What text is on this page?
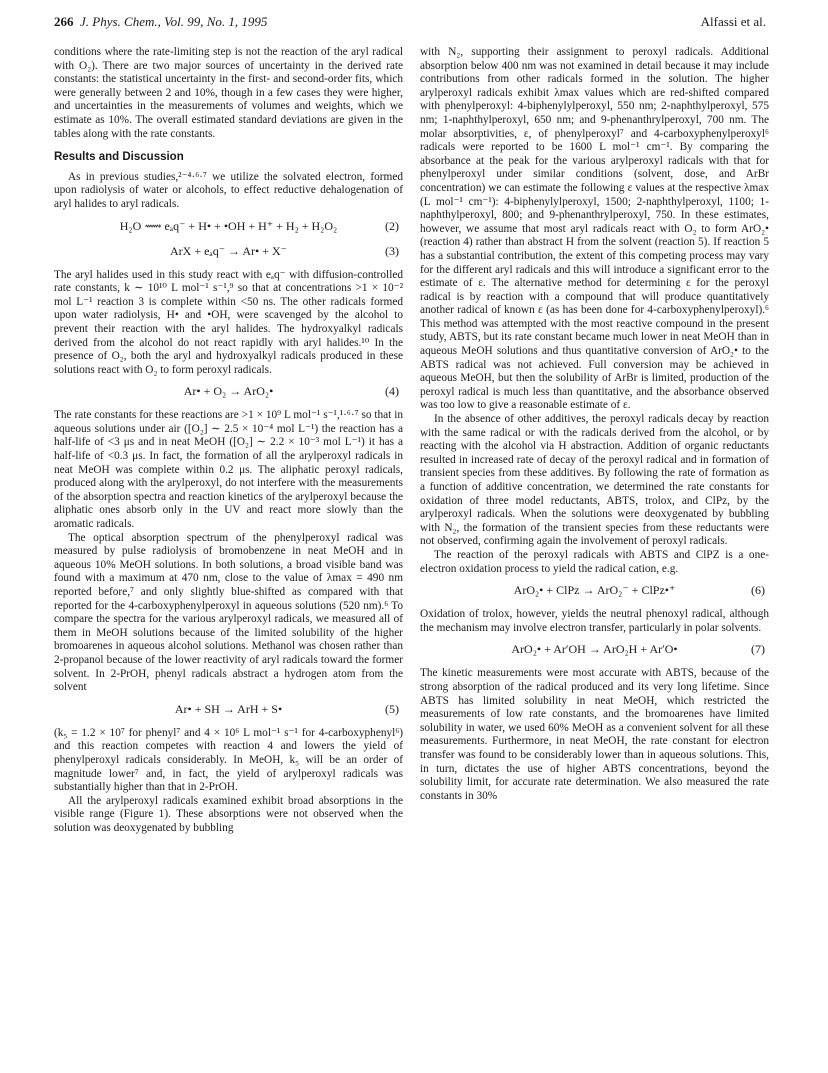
266 J. Phys. Chem., Vol. 99, No. 1, 1995	Alfassi et al.

conditions where the rate-limiting step is not the reaction of the aryl radical with O₂). There are two major sources of uncertainty in the derived rate constants: the statistical uncertainty in the first- and second-order fits, which were generally between 2 and 10%, though in a few cases they were higher, and uncertainties in the measurements of volumes and weights, which we estimate as 10%. The overall estimated standard deviations are given in the tables along with the rate constants.

Results and Discussion

As in previous studies,²⁻⁴·⁶·⁷ we utilize the solvated electron, formed upon radiolysis of water or alcohols, to effect reductive dehalogenation of aryl halides to aryl radicals.

H₂O ⟿ eₐq⁻ + H• + •OH + H⁺ + H₂ + H₂O₂	(2)
ArX + eₐq⁻ → Ar• + X⁻	(3)

The aryl halides used in this study react with eₐq⁻ with diffusion-controlled rate constants, k ∼ 10¹⁰ L mol⁻¹ s⁻¹,⁹ so that at concentrations >1 × 10⁻² mol L⁻¹ reaction 3 is complete within <50 ns. The other radicals formed upon water radiolysis, H• and •OH, were scavenged by the alcohol to prevent their reaction with the aryl halides. The hydroxyalkyl radicals derived from the alcohol do not react rapidly with aryl halides.¹⁰ In the presence of O₂, both the aryl and hydroxyalkyl radicals produced in these solutions react with O₂ to form peroxyl radicals.

Ar• + O₂ → ArO₂•	(4)

The rate constants for these reactions are >1 × 10⁹ L mol⁻¹ s⁻¹,¹·⁶·⁷ so that in aqueous solutions under air ([O₂] ∼ 2.5 × 10⁻⁴ mol L⁻¹) the reaction has a half-life of <3 μs and in neat MeOH ([O₂] ∼ 2.2 × 10⁻³ mol L⁻¹) it has a half-life of <0.3 μs. In fact, the formation of all the arylperoxyl radicals in neat MeOH was complete within 0.2 μs. The aliphatic peroxyl radicals, produced along with the arylperoxyl, do not interfere with the measurements of the absorption spectra and reaction kinetics of the arylperoxyl because the aliphatic ones absorb only in the UV and react more slowly than the aromatic radicals.

The optical absorption spectrum of the phenylperoxyl radical was measured by pulse radiolysis of bromobenzene in neat MeOH and in aqueous 10% MeOH solutions. In both solutions, a broad visible band was found with a maximum at 470 nm, close to the value of λmax = 490 nm reported before,⁷ and only slightly blue-shifted as compared with that reported for the 4-carboxyphenylperoxyl in aqueous solutions (520 nm).⁶ To compare the spectra for the various arylperoxyl radicals, we measured all of them in MeOH solutions because of the limited solubility of the higher bromoarenes in aqueous alcohol solutions. Methanol was chosen rather than 2-propanol because of the lower reactivity of aryl radicals toward the former solvent. In 2-PrOH, phenyl radicals abstract a hydrogen atom from the solvent

Ar• + SH → ArH + S•	(5)

(k₅ = 1.2 × 10⁷ for phenyl⁷ and 4 × 10⁶ L mol⁻¹ s⁻¹ for 4-carboxyphenyl⁶) and this reaction competes with reaction 4 and lowers the yield of phenylperoxyl radicals considerably. In MeOH, k₅ will be an order of magnitude lower⁷ and, in fact, the yield of arylperoxyl radicals was substantially higher than that in 2-PrOH.

All the arylperoxyl radicals examined exhibit broad absorptions in the visible range (Figure 1). These absorptions were not observed when the solution was deoxygenated by bubbling

with N₂, supporting their assignment to peroxyl radicals. Additional absorption below 400 nm was not examined in detail because it may include contributions from other radicals formed in the solution. The higher arylperoxyl radicals exhibit λmax values which are red-shifted compared with phenylperoxyl: 4-biphenylylperoxyl, 550 nm; 2-naphthylperoxyl, 575 nm; 1-naphthylperoxyl, 650 nm; and 9-phenanthrylperoxyl, 700 nm. The molar absorptivities, ε, of phenylperoxyl⁷ and 4-carboxyphenylperoxyl⁶ radicals were reported to be 1600 L mol⁻¹ cm⁻¹. By comparing the absorbance at the peak for the various arylperoxyl radicals with that for phenylperoxyl under similar conditions (solvent, dose, and ArBr concentration) we can estimate the following ε values at the respective λmax (L mol⁻¹ cm⁻¹): 4-biphenylylperoxyl, 1500; 2-naphthylperoxyl, 1100; 1-naphthylperoxyl, 800; and 9-phenanthrylperoxyl, 750. In these estimates, however, we assume that most aryl radicals react with O₂ to form ArO₂• (reaction 4) rather than abstract H from the solvent (reaction 5). If reaction 5 has a substantial contribution, the extent of this competing process may vary for the different aryl radicals and this will introduce a significant error to the estimate of ε. The alternative method for determining ε for the peroxyl radical is by reaction with a compound that will produce quantitatively another radical of known ε (as has been done for 4-carboxyphenylperoxyl).⁶ This method was attempted with the most reactive compound in the present study, ABTS, but its rate constant became much lower in neat MeOH than in aqueous MeOH solutions and thus quantitative conversion of ArO₂• to the ABTS radical was not achieved. Full conversion may be achieved in aqueous MeOH, but then the solubility of ArBr is limited, production of the peroxyl radical is much less than quantitative, and the absorbance observed was too low to give a reasonable estimate of ε.

In the absence of other additives, the peroxyl radicals decay by reaction with the same radical or with the radicals derived from the alcohol, or by reacting with the alcohol via H abstraction. Addition of organic reductants resulted in increased rate of decay of the peroxyl radical and in formation of transient species from these additives. By following the rate of formation as a function of additive concentration, we determined the rate constants for oxidation of three model reductants, ABTS, trolox, and ClPz, by the arylperoxyl radicals. When the solutions were deoxygenated by bubbling with N₂, the formation of the transient species from these reductants were not observed, confirming again the involvement of peroxyl radicals.

The reaction of the peroxyl radicals with ABTS and ClPZ is a one-electron oxidation process to yield the radical cation, e.g.

ArO₂• + ClPz → ArO₂⁻ + ClPz•⁺	(6)

Oxidation of trolox, however, yields the neutral phenoxyl radical, although the mechanism may involve electron transfer, particularly in polar solvents.

ArO₂• + Ar′OH → ArO₂H + Ar′O•	(7)

The kinetic measurements were most accurate with ABTS, because of the strong absorption of the radical produced and its very long lifetime. Since ABTS has limited solubility in neat MeOH, which restricted the measurements of low rate constants, and the bromoarenes have limited solubility in water, we used 60% MeOH as a convenient solvent for all these measurements. Furthermore, in neat MeOH, the rate constant for electron transfer was found to be considerably lower than in aqueous solutions. This, in turn, dictates the use of higher ABTS concentrations, beyond the solubility limit, for accurate rate determination. We also measured the rate constants in 30%
